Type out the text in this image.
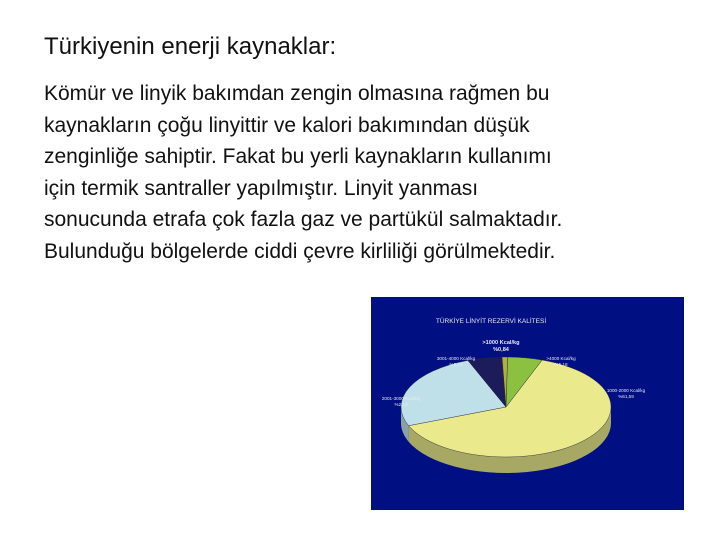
Türkiyenin enerji kaynaklar:
Kömür ve linyik bakımdan zengin olmasına rağmen bu
kaynakların çoğu linyittir ve kalori bakımından düşük
zenginliğe sahiptir. Fakat bu yerli kaynakların kullanımı
için termik santraller yapılmıştır. Linyit yanması
sonucunda etrafa çok fazla gaz ve partükül salmaktadır.
Bulunduğu bölgelerde ciddi çevre kirliliği görülmektedir.
TÜRKİYE LİNYİT REZERVİ KALİTESİ
1000-2000 Kcal/kg
%61,59
2001-3000 Kcal/kg
%24,5
3001-4000 Kcal/kg
%5,16
>1000 Kcal/kg
%0,84
>4000 Kcal/kg
%5,18
